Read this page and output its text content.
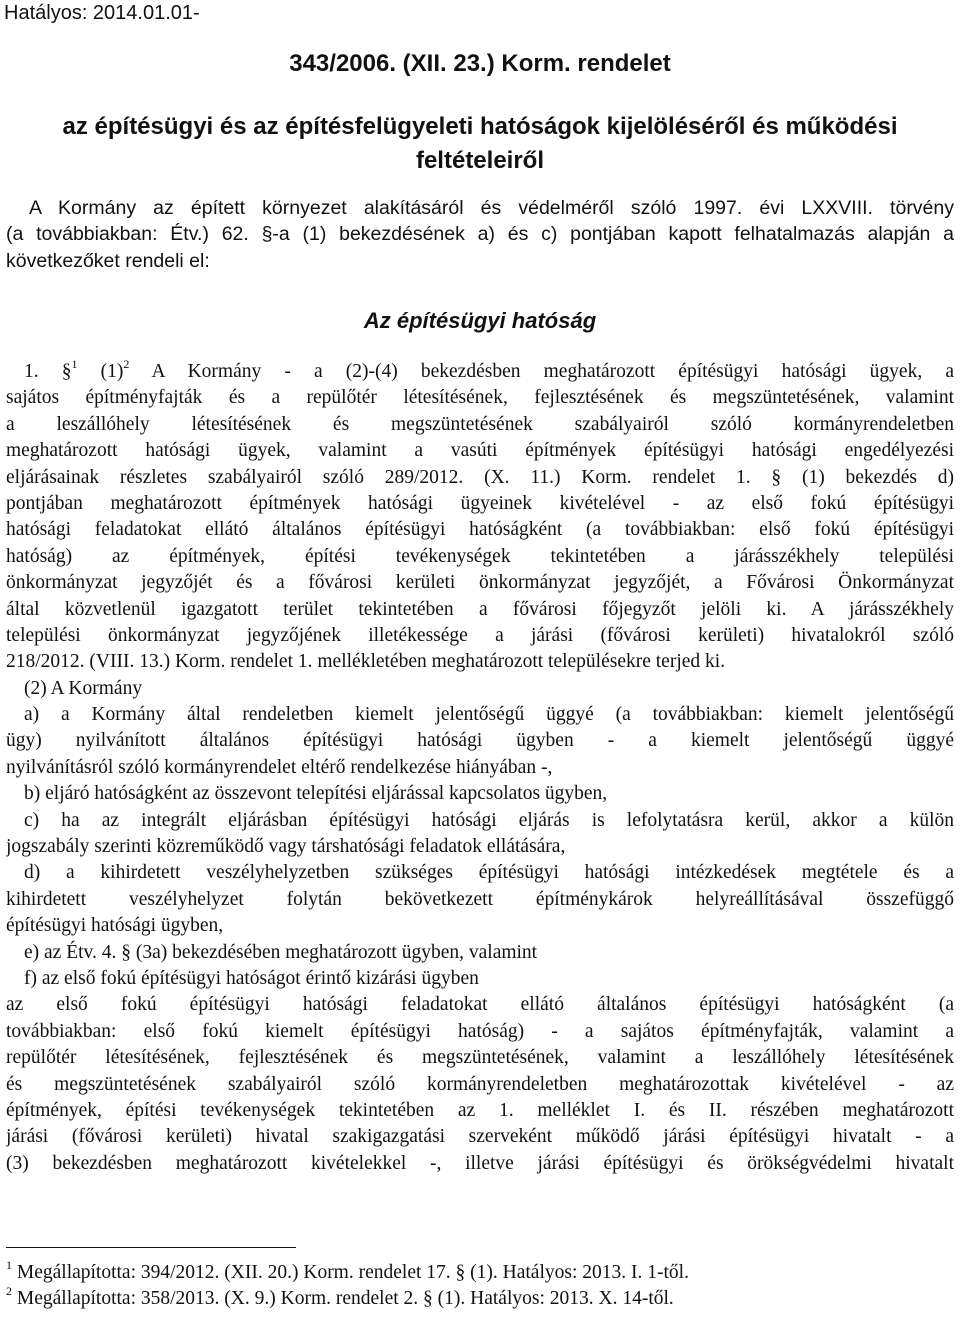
Hatályos: 2014.01.01-
343/2006. (XII. 23.) Korm. rendelet
az építésügyi és az építésfelügyeleti hatóságok kijelöléséről és működési feltételeiről
A Kormány az épített környezet alakításáról és védelméről szóló 1997. évi LXXVIII. törvény
(a továbbiakban: Étv.) 62. §-a (1) bekezdésének a) és c) pontjában kapott felhatalmazás alapján a
következőket rendeli el:
Az építésügyi hatóság
1. §$^1$ $(1)^2$ A Kormány - a (2)-(4) bekezdésben meghatározott építésügyi hatósági ügyek, a
sajátos építményfajták és a repülőtér létesítésének, fejlesztésének és megszüntetésének, valamint
a leszállóhely létesítésének és megszüntetésének szabályairól szóló kormányrendeletben
meghatározott hatósági ügyek, valamint a vasúti építmények építésügyi hatósági engedélyezési
eljárásainak részletes szabályairól szóló 289/2012. (X. 11.) Korm. rendelet 1. § (1) bekezdés d)
pontjában meghatározott építmények hatósági ügyeinek kivételével - az első fokú építésügyi
hatósági feladatokat ellátó általános építésügyi hatóságként (a továbbiakban: első fokú építésügyi
hatóság) az építmények, építési tevékenységek tekintetében a járásszékhely települési
önkormányzat jegyzőjét és a fővárosi kerületi önkormányzat jegyzőjét, a Fővárosi Önkormányzat
által közvetlenül igazgatott terület tekintetében a fővárosi főjegyzőt jelöli ki. A járásszékhely
települési önkormányzat jegyzőjének illetékessége a járási (fővárosi kerületi) hivatalokról szóló
218/2012. (VIII. 13.) Korm. rendelet 1. mellékletében meghatározott településekre terjed ki.
(2) A Kormány
a) a Kormány által rendeletben kiemelt jelentőségű üggyé (a továbbiakban: kiemelt jelentőségű
ügy) nyilvánított általános építésügyi hatósági ügyben - a kiemelt jelentőségű üggyé
nyilvánításról szóló kormányrendelet eltérő rendelkezése hiányában -,
b) eljáró hatóságként az összevont telepítési eljárással kapcsolatos ügyben,
c) ha az integrált eljárásban építésügyi hatósági eljárás is lefolytatásra kerül, akkor a külön
jogszabály szerinti közreműködő vagy társhatósági feladatok ellátására,
d) a kihirdetett veszélyhelyzetben szükséges építésügyi hatósági intézkedések megtétele és a
kihirdetett veszélyhelyzet folytán bekövetkezett építménykárok helyreállításával összefüggő
építésügyi hatósági ügyben,
e) az Étv. 4. § (3a) bekezdésében meghatározott ügyben, valamint
f) az első fokú építésügyi hatóságot érintő kizárási ügyben
az első fokú építésügyi hatósági feladatokat ellátó általános építésügyi hatóságként (a
továbbiakban: első fokú kiemelt építésügyi hatóság) - a sajátos építményfajták, valamint a
repülőtér létesítésének, fejlesztésének és megszüntetésének, valamint a leszállóhely létesítésének
és megszüntetésének szabályairól szóló kormányrendeletben meghatározottak kivételével - az
építmények, építési tevékenységek tekintetében az 1. melléklet I. és II. részében meghatározott
járási (fővárosi kerületi) hivatal szakigazgatási szerveként működő járási építésügyi hivatalt - a
(3) bekezdésben meghatározott kivételekkel -, illetve járási építésügyi és örökségvédelmi hivatalt
$^1$ Megállapította: 394/2012. (XII. 20.) Korm. rendelet 17. § (1). Hatályos: 2013. I. 1-től.
$^2$ Megállapította: 358/2013. (X. 9.) Korm. rendelet 2. § (1). Hatályos: 2013. X. 14-től.
